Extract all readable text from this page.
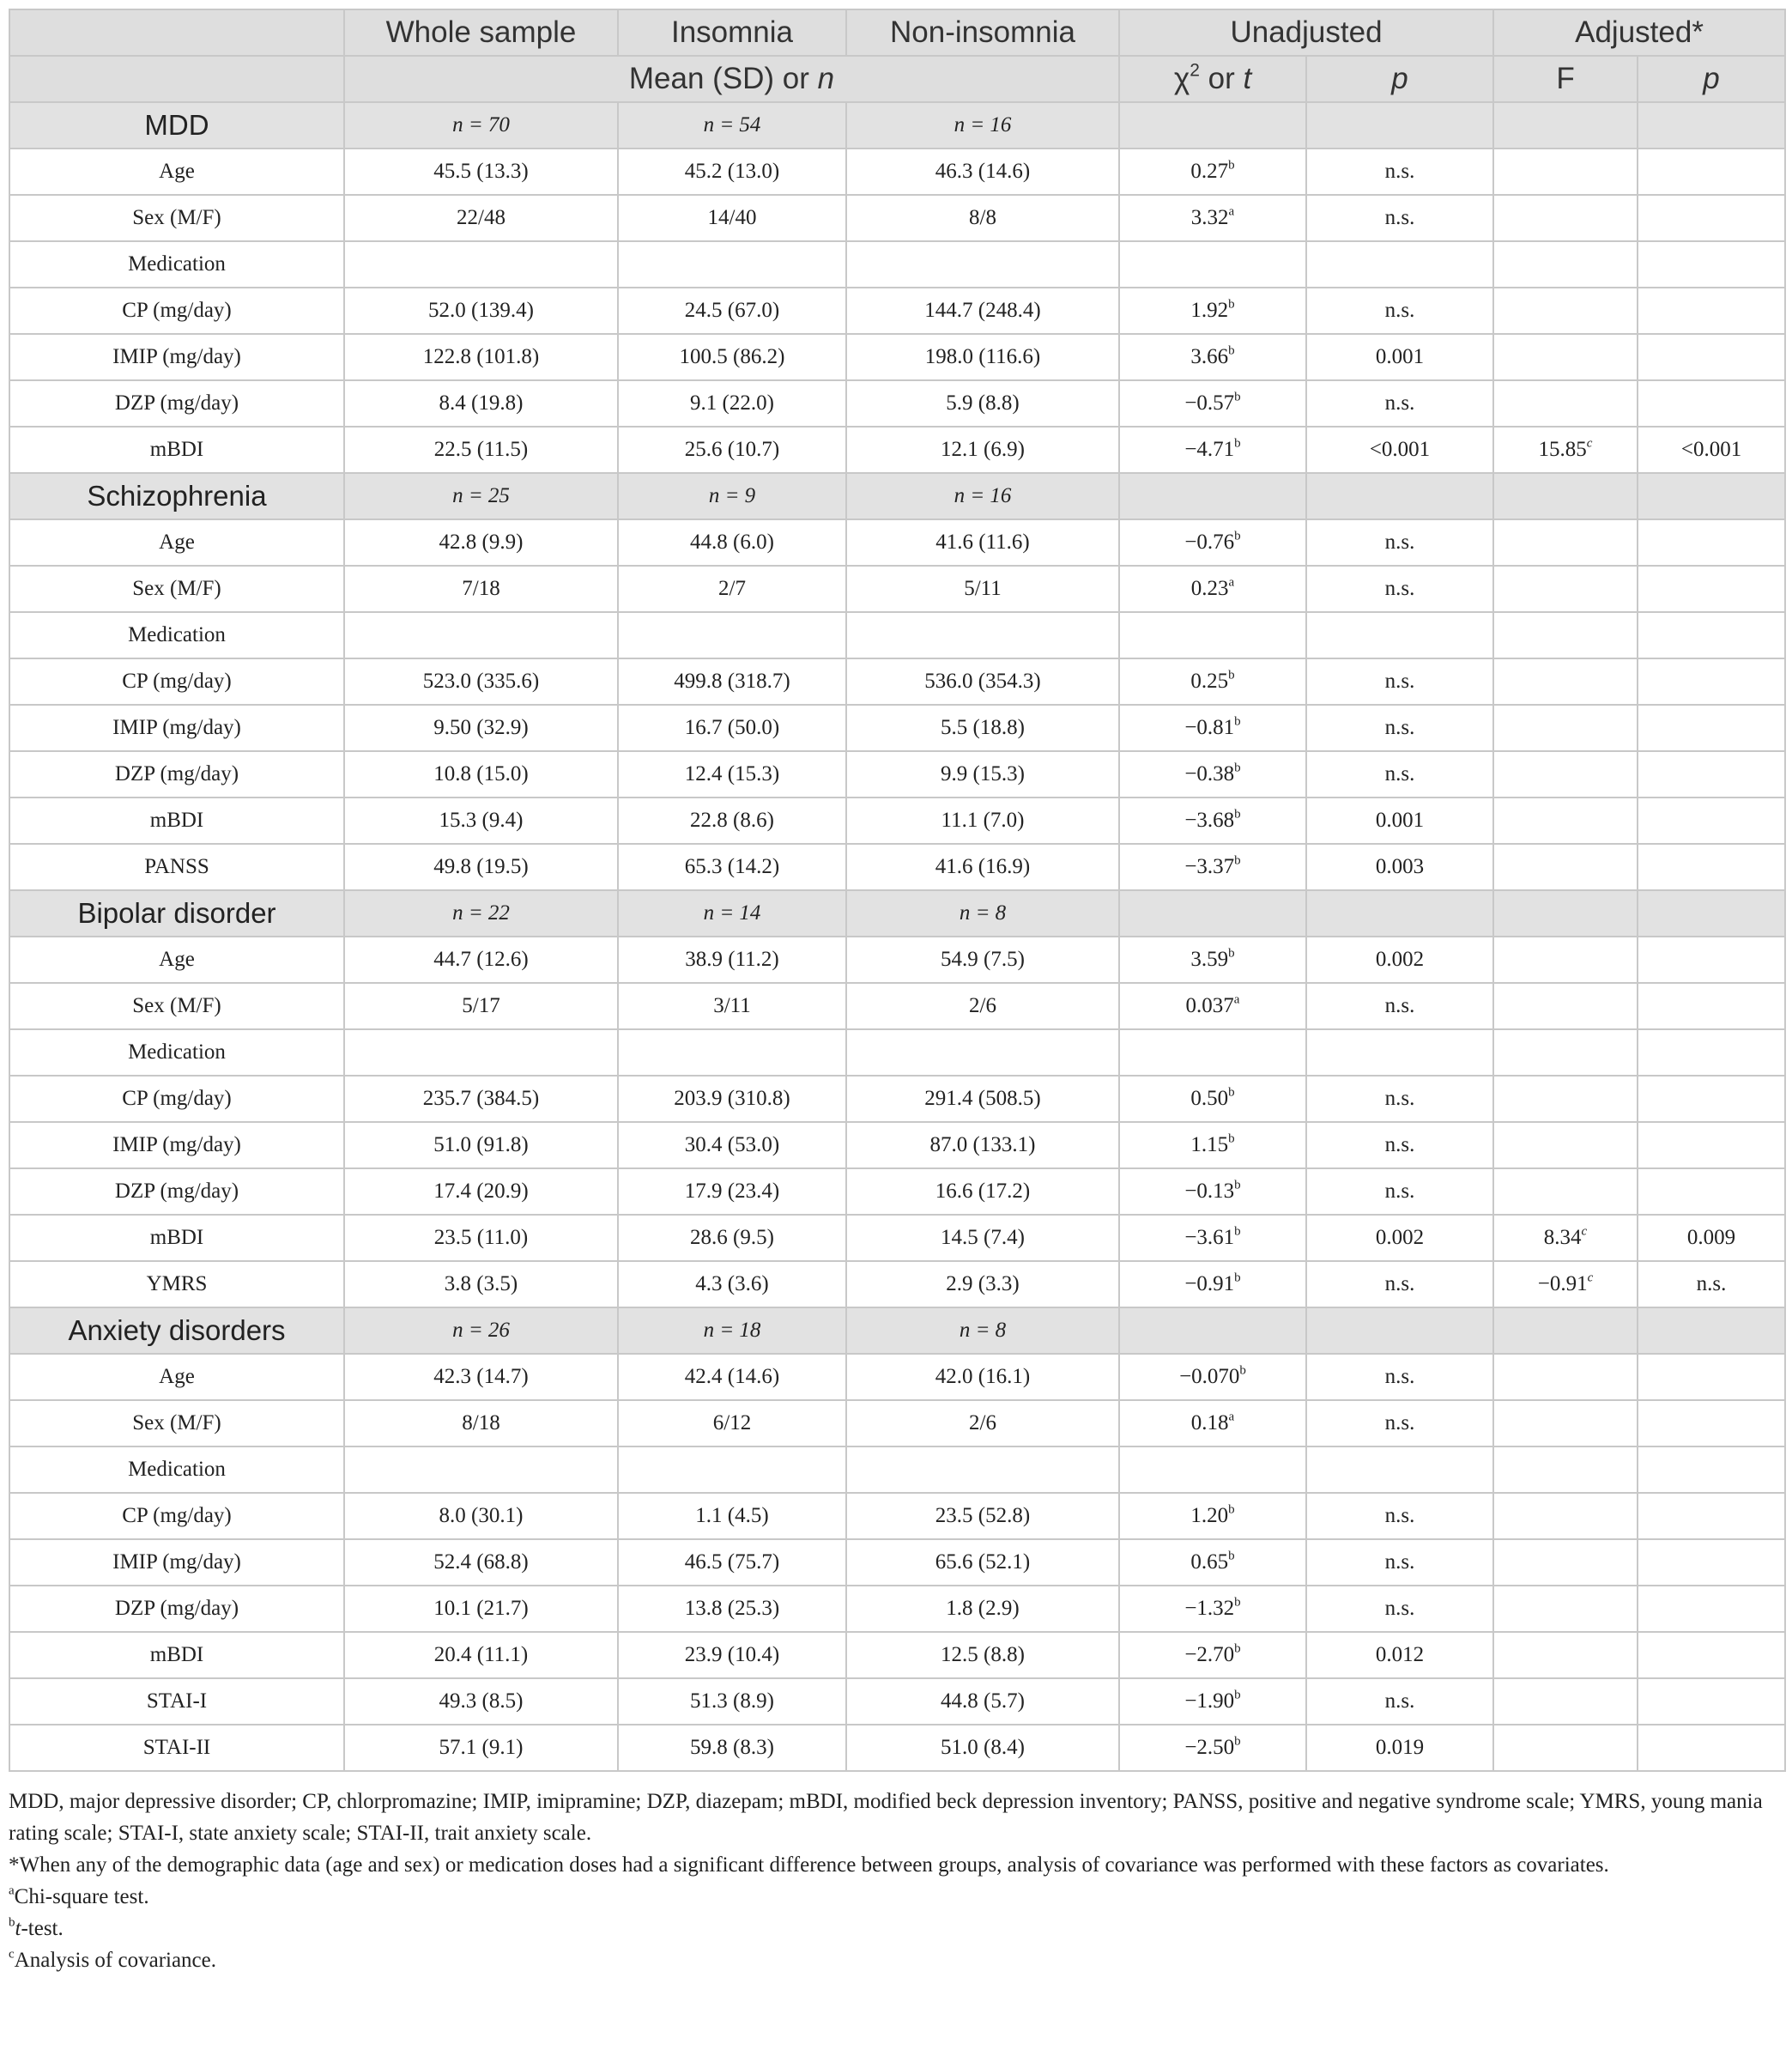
	Whole sample	Insomnia	Non-insomnia	Unadjusted		Adjusted*	
	Mean (SD) or n			$\chi^2$ or t	p	F	p
MDD	n = 70	n = 54	n = 16				
Age	45.5 (13.3)	45.2 (13.0)	46.3 (14.6)	0.27$^b$	n.s.		
Sex (M/F)	22/48	14/40	8/8	3.32$^a$	n.s.		
Medication							
CP (mg/day)	52.0 (139.4)	24.5 (67.0)	144.7 (248.4)	1.92$^b$	n.s.		
IMIP (mg/day)	122.8 (101.8)	100.5 (86.2)	198.0 (116.6)	3.66$^b$	0.001		
DZP (mg/day)	8.4 (19.8)	9.1 (22.0)	5.9 (8.8)	−0.57$^b$	n.s.		
mBDI	22.5 (11.5)	25.6 (10.7)	12.1 (6.9)	−4.71$^b$	<0.001	15.85$^c$	<0.001
Schizophrenia	n = 25	n = 9	n = 16				
Age	42.8 (9.9)	44.8 (6.0)	41.6 (11.6)	−0.76$^b$	n.s.		
Sex (M/F)	7/18	2/7	5/11	0.23$^a$	n.s.		
Medication							
CP (mg/day)	523.0 (335.6)	499.8 (318.7)	536.0 (354.3)	0.25$^b$	n.s.		
IMIP (mg/day)	9.50 (32.9)	16.7 (50.0)	5.5 (18.8)	−0.81$^b$	n.s.		
DZP (mg/day)	10.8 (15.0)	12.4 (15.3)	9.9 (15.3)	−0.38$^b$	n.s.		
mBDI	15.3 (9.4)	22.8 (8.6)	11.1 (7.0)	−3.68$^b$	0.001		
PANSS	49.8 (19.5)	65.3 (14.2)	41.6 (16.9)	−3.37$^b$	0.003		
Bipolar disorder	n = 22	n = 14	n = 8				
Age	44.7 (12.6)	38.9 (11.2)	54.9 (7.5)	3.59$^b$	0.002		
Sex (M/F)	5/17	3/11	2/6	0.037$^a$	n.s.		
Medication							
CP (mg/day)	235.7 (384.5)	203.9 (310.8)	291.4 (508.5)	0.50$^b$	n.s.		
IMIP (mg/day)	51.0 (91.8)	30.4 (53.0)	87.0 (133.1)	1.15$^b$	n.s.		
DZP (mg/day)	17.4 (20.9)	17.9 (23.4)	16.6 (17.2)	−0.13$^b$	n.s.		
mBDI	23.5 (11.0)	28.6 (9.5)	14.5 (7.4)	−3.61$^b$	0.002	8.34$^c$	0.009
YMRS	3.8 (3.5)	4.3 (3.6)	2.9 (3.3)	−0.91$^b$	n.s.	−0.91$^c$	n.s.
Anxiety disorders	n = 26	n = 18	n = 8				
Age	42.3 (14.7)	42.4 (14.6)	42.0 (16.1)	−0.070$^b$	n.s.		
Sex (M/F)	8/18	6/12	2/6	0.18$^a$	n.s.		
Medication							
CP (mg/day)	8.0 (30.1)	1.1 (4.5)	23.5 (52.8)	1.20$^b$	n.s.		
IMIP (mg/day)	52.4 (68.8)	46.5 (75.7)	65.6 (52.1)	0.65$^b$	n.s.		
DZP (mg/day)	10.1 (21.7)	13.8 (25.3)	1.8 (2.9)	−1.32$^b$	n.s.		
mBDI	20.4 (11.1)	23.9 (10.4)	12.5 (8.8)	−2.70$^b$	0.012		
STAI-I	49.3 (8.5)	51.3 (8.9)	44.8 (5.7)	−1.90$^b$	n.s.		
STAI-II	57.1 (9.1)	59.8 (8.3)	51.0 (8.4)	−2.50$^b$	0.019		

MDD, major depressive disorder; CP, chlorpromazine; IMIP, imipramine; DZP, diazepam; mBDI, modified beck depression inventory; PANSS, positive and negative syndrome scale; YMRS, young mania rating scale; STAI-I, state anxiety scale; STAI-II, trait anxiety scale.

*When any of the demographic data (age and sex) or medication doses had a significant difference between groups, analysis of covariance was performed with these factors as covariates.

$^a$Chi-square test.

$^b$t-test.

$^c$Analysis of covariance.
